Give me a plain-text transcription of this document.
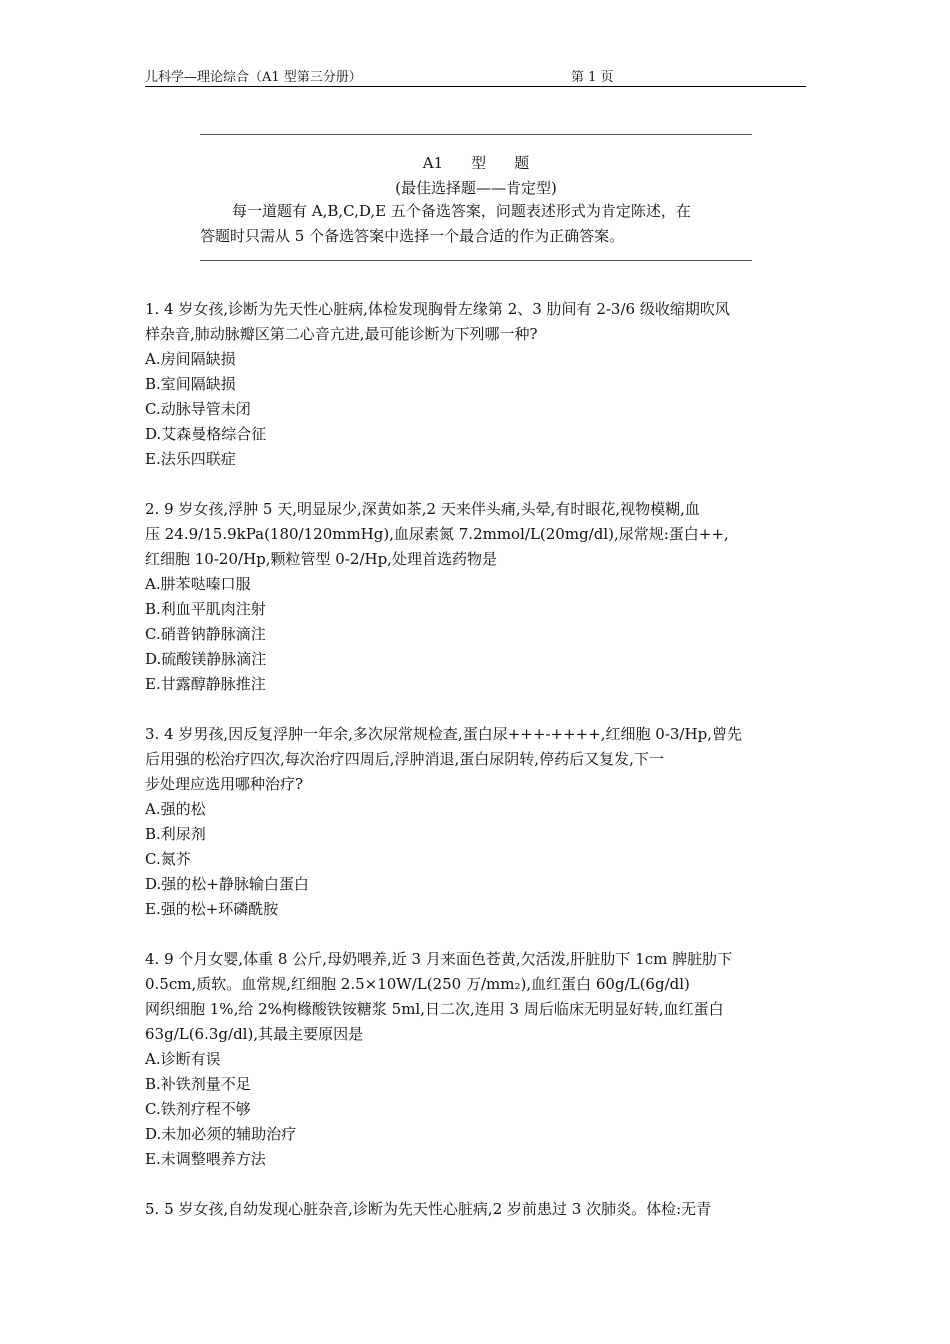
儿科学—理论综合（A1 型第三分册）	第 1 页
A1 型 题
(最佳选择题——肯定型)
每一道题有 A,B,C,D,E 五个备选答案，问题表述形式为肯定陈述，在
答题时只需从 5 个备选答案中选择一个最合适的作为正确答案。
1. 4 岁女孩,诊断为先天性心脏病,体检发现胸骨左缘第 2、3 肋间有 2-3/6 级收缩期吹风
样杂音,肺动脉瓣区第二心音亢进,最可能诊断为下列哪一种?
A.房间隔缺损
B.室间隔缺损
C.动脉导管未闭
D.艾森曼格综合征
E.法乐四联症
2. 9 岁女孩,浮肿 5 天,明显尿少,深黄如茶,2 天来伴头痛,头晕,有时眼花,视物模糊,血
压 24.9/15.9kPa(180/120mmHg),血尿素氮 7.2mmol/L(20mg/dl),尿常规:蛋白++,
红细胞 10-20/Hp,颗粒管型 0-2/Hp,处理首选药物是
A.肼苯哒嗪口服
B.利血平肌肉注射
C.硝普钠静脉滴注
D.硫酸镁静脉滴注
E.甘露醇静脉推注
3. 4 岁男孩,因反复浮肿一年余,多次尿常规检查,蛋白尿+++-++++,红细胞 0-3/Hp,曾先
后用强的松治疗四次,每次治疗四周后,浮肿消退,蛋白尿阴转,停药后又复发,下一
步处理应选用哪种治疗?
A.强的松
B.利尿剂
C.氮芥
D.强的松+静脉输白蛋白
E.强的松+环磷酰胺
4. 9 个月女婴,体重 8 公斤,母奶喂养,近 3 月来面色苍黄,欠活泼,肝脏肋下 1cm 脾脏肋下
0.5cm,质软。血常规,红细胞 2.5×10W/L(250 万/mm₂),血红蛋白 60g/L(6g/dl)
网织细胞 1%,给 2%枸橼酸铁铵糖浆 5ml,日二次,连用 3 周后临床无明显好转,血红蛋白
63g/L(6.3g/dl),其最主要原因是
A.诊断有误
B.补铁剂量不足
C.铁剂疗程不够
D.未加必须的辅助治疗
E.未调整喂养方法
5. 5 岁女孩,自幼发现心脏杂音,诊断为先天性心脏病,2 岁前患过 3 次肺炎。体检:无青
